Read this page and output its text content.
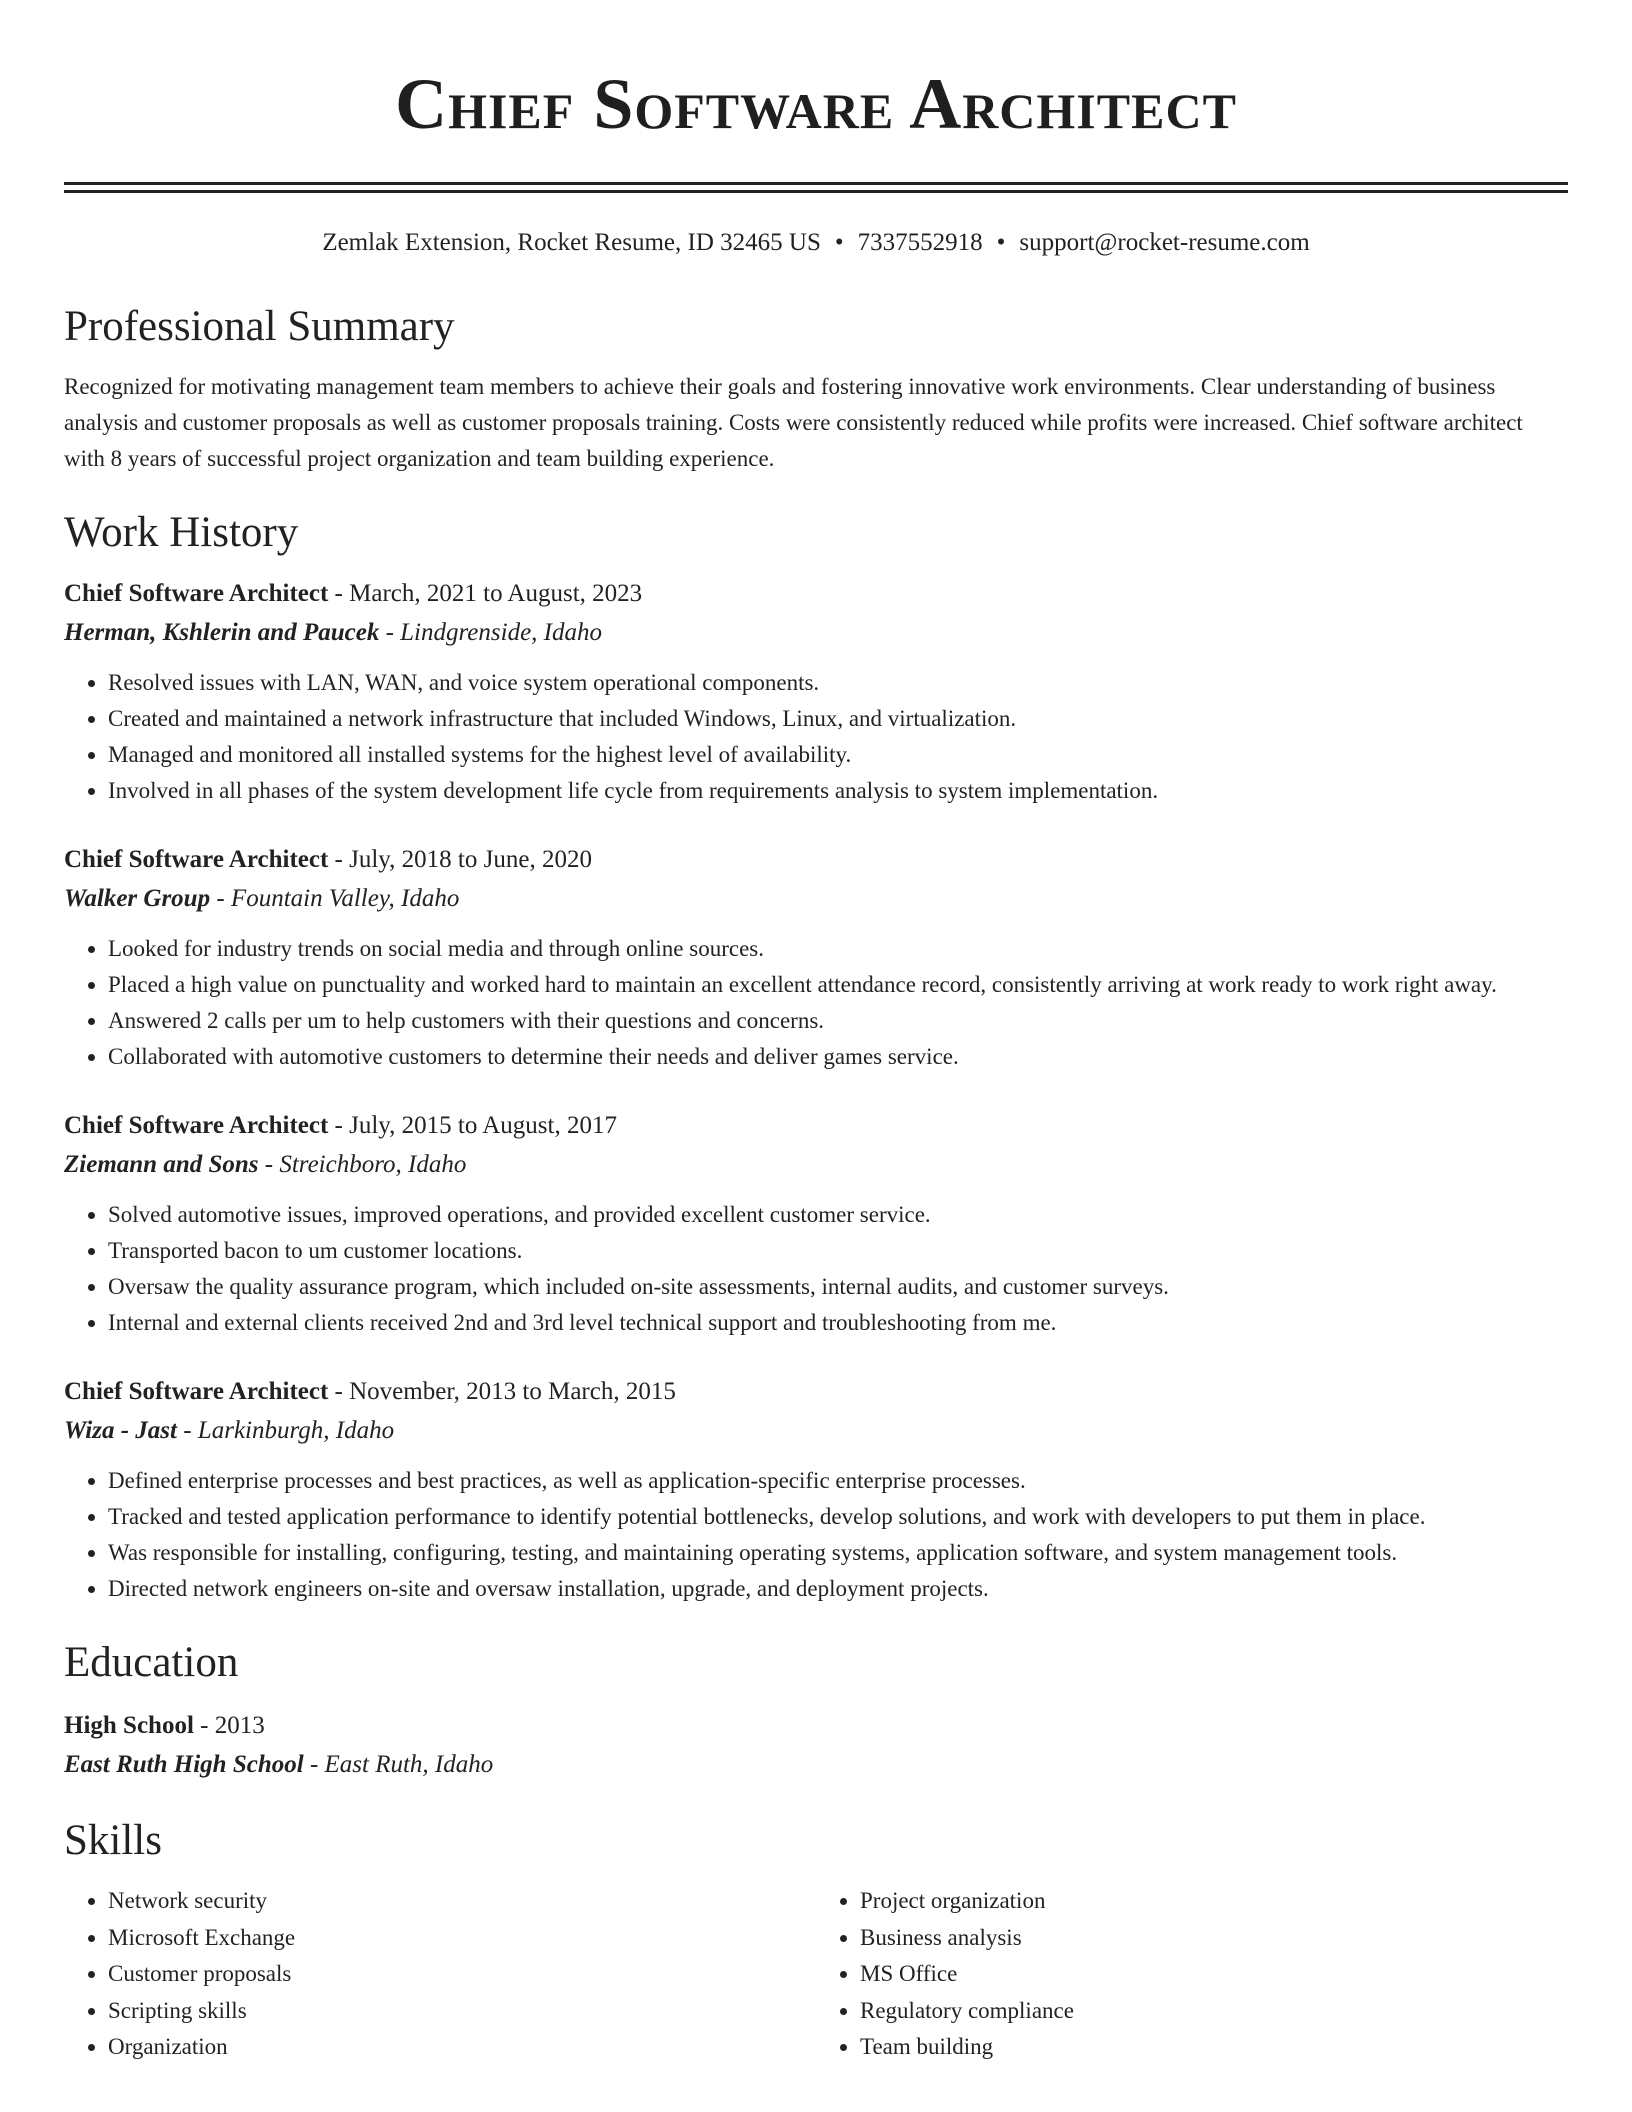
Chief Software Architect
Zemlak Extension, Rocket Resume, ID 32465 US • 7337552918 • support@rocket-resume.com
Professional Summary
Recognized for motivating management team members to achieve their goals and fostering innovative work environments. Clear understanding of business analysis and customer proposals as well as customer proposals training. Costs were consistently reduced while profits were increased. Chief software architect with 8 years of successful project organization and team building experience.
Work History
Chief Software Architect - March, 2021 to August, 2023
Herman, Kshlerin and Paucek - Lindgrenside, Idaho
• Resolved issues with LAN, WAN, and voice system operational components.
• Created and maintained a network infrastructure that included Windows, Linux, and virtualization.
• Managed and monitored all installed systems for the highest level of availability.
• Involved in all phases of the system development life cycle from requirements analysis to system implementation.
Chief Software Architect - July, 2018 to June, 2020
Walker Group - Fountain Valley, Idaho
• Looked for industry trends on social media and through online sources.
• Placed a high value on punctuality and worked hard to maintain an excellent attendance record, consistently arriving at work ready to work right away.
• Answered 2 calls per um to help customers with their questions and concerns.
• Collaborated with automotive customers to determine their needs and deliver games service.
Chief Software Architect - July, 2015 to August, 2017
Ziemann and Sons - Streichboro, Idaho
• Solved automotive issues, improved operations, and provided excellent customer service.
• Transported bacon to um customer locations.
• Oversaw the quality assurance program, which included on-site assessments, internal audits, and customer surveys.
• Internal and external clients received 2nd and 3rd level technical support and troubleshooting from me.
Chief Software Architect - November, 2013 to March, 2015
Wiza - Jast - Larkinburgh, Idaho
• Defined enterprise processes and best practices, as well as application-specific enterprise processes.
• Tracked and tested application performance to identify potential bottlenecks, develop solutions, and work with developers to put them in place.
• Was responsible for installing, configuring, testing, and maintaining operating systems, application software, and system management tools.
• Directed network engineers on-site and oversaw installation, upgrade, and deployment projects.
Education
High School - 2013
East Ruth High School - East Ruth, Idaho
Skills
• Network security
• Microsoft Exchange
• Customer proposals
• Scripting skills
• Organization
• Project organization
• Business analysis
• MS Office
• Regulatory compliance
• Team building
